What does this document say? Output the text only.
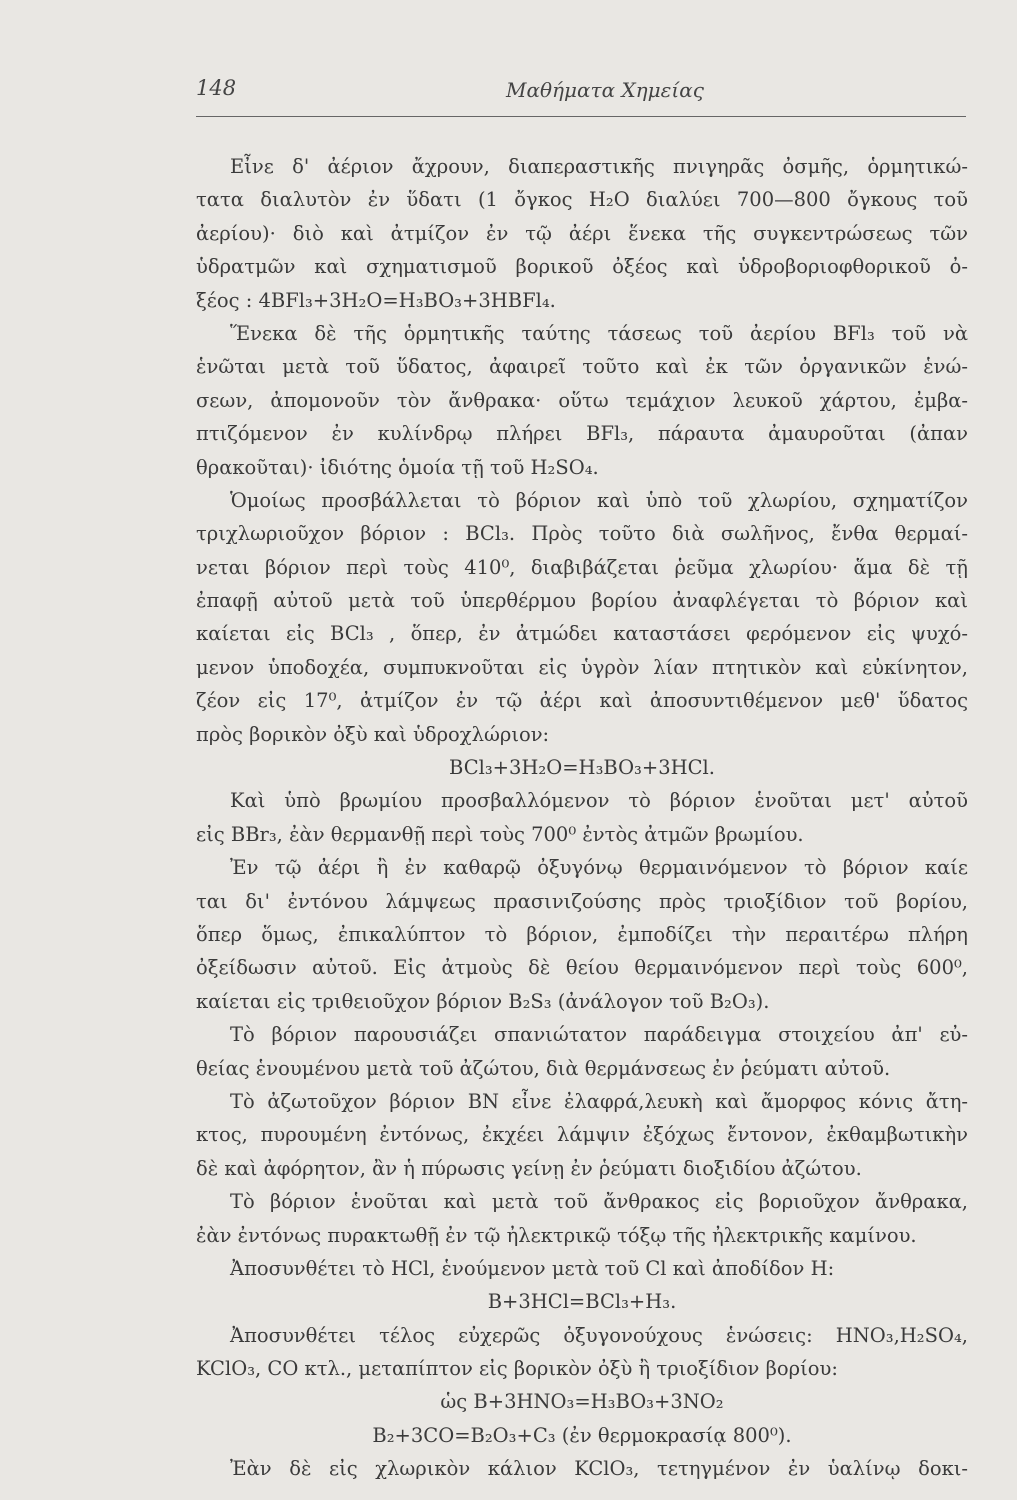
148	Μαθήματα Χημείας
Εἶνε δ' ἀέριον ἄχρουν, διαπεραστικῆς πνιγηρᾶς ὀσμῆς, ὁρμητικώ-
τατα διαλυτὸν ἐν ὕδατι (1 ὄγκος H₂O διαλύει 700—800 ὄγκους τοῦ
ἀερίου)· διὸ καὶ ἀτμίζον ἐν τῷ ἀέρι ἕνεκα τῆς συγκεντρώσεως τῶν
ὑδρατμῶν καὶ σχηματισμοῦ βορικοῦ ὀξέος καὶ ὑδροβοριοφθορικοῦ ὀ-
ξέος : 4BFl₃+3H₂O=H₃BO₃+3HBFl₄.
Ἕνεκα δὲ τῆς ὁρμητικῆς ταύτης τάσεως τοῦ ἀερίου BFl₃ τοῦ νὰ
ἑνῶται μετὰ τοῦ ὕδατος, ἀφαιρεῖ τοῦτο καὶ ἐκ τῶν ὀργανικῶν ἑνώ-
σεων, ἀπομονοῦν τὸν ἄνθρακα· οὕτω τεμάχιον λευκοῦ χάρτου, ἐμβα-
πτιζόμενον ἐν κυλίνδρῳ πλήρει BFl₃, πάραυτα ἀμαυροῦται (ἀπαν
θρακοῦται)· ἰδιότης ὁμοία τῇ τοῦ H₂SO₄.
Ὁμοίως προσβάλλεται τὸ βόριον καὶ ὑπὸ τοῦ χλωρίου, σχηματίζον
τριχλωριοῦχον βόριον : BCl₃. Πρὸς τοῦτο διὰ σωλῆνος, ἔνθα θερμαί-
νεται βόριον περὶ τοὺς 410⁰, διαβιβάζεται ῥεῦμα χλωρίου· ἅμα δὲ τῇ
ἐπαφῇ αὐτοῦ μετὰ τοῦ ὑπερθέρμου βορίου ἀναφλέγεται τὸ βόριον καὶ
καίεται εἰς BCl₃ , ὅπερ, ἐν ἀτμώδει καταστάσει φερόμενον εἰς ψυχό-
μενον ὑποδοχέα, συμπυκνοῦται εἰς ὑγρὸν λίαν πτητικὸν καὶ εὐκίνητον,
ζέον εἰς 17⁰, ἀτμίζον ἐν τῷ ἀέρι καὶ ἀποσυντιθέμενον μεθ' ὕδατος
πρὸς βορικὸν ὀξὺ καὶ ὑδροχλώριον:
BCl₃+3H₂O=H₃BO₃+3HCl.
Καὶ ὑπὸ βρωμίου προσβαλλόμενον τὸ βόριον ἑνοῦται μετ' αὐτοῦ
εἰς BBr₃, ἐὰν θερμανθῇ περὶ τοὺς 700⁰ ἐντὸς ἀτμῶν βρωμίου.
Ἐν τῷ ἀέρι ἢ ἐν καθαρῷ ὀξυγόνῳ θερμαινόμενον τὸ βόριον καίε
ται δι' ἐντόνου λάμψεως πρασινιζούσης πρὸς τριοξίδιον τοῦ βορίου,
ὅπερ ὅμως, ἐπικαλύπτον τὸ βόριον, ἐμποδίζει τὴν περαιτέρω πλήρη
ὀξείδωσιν αὐτοῦ. Εἰς ἀτμοὺς δὲ θείου θερμαινόμενον περὶ τοὺς 600⁰,
καίεται εἰς τριθειοῦχον βόριον B₂S₃ (ἀνάλογον τοῦ B₂O₃).
Τὸ βόριον παρουσιάζει σπανιώτατον παράδειγμα στοιχείου ἀπ' εὐ-
θείας ἑνουμένου μετὰ τοῦ ἀζώτου, διὰ θερμάνσεως ἐν ῥεύματι αὐτοῦ.
Τὸ ἀζωτοῦχον βόριον BN εἶνε ἐλαφρά,λευκὴ καὶ ἄμορφος κόνις ἄτη-
κτος, πυρουμένη ἐντόνως, ἐκχέει λάμψιν ἐξόχως ἔντονον, ἐκθαμβωτικὴν
δὲ καὶ ἀφόρητον, ἂν ἡ πύρωσις γείνῃ ἐν ῥεύματι διοξιδίου ἀζώτου.
Τὸ βόριον ἑνοῦται καὶ μετὰ τοῦ ἄνθρακος εἰς βοριοῦχον ἄνθρακα,
ἐὰν ἐντόνως πυρακτωθῇ ἐν τῷ ἠλεκτρικῷ τόξῳ τῆς ἠλεκτρικῆς καμίνου.
Ἀποσυνθέτει τὸ HCl, ἑνούμενον μετὰ τοῦ Cl καὶ ἀποδίδον H:
B+3HCl=BCl₃+H₃.
Ἀποσυνθέτει τέλος εὐχερῶς ὀξυγονούχους ἑνώσεις: HNO₃,H₂SO₄,
KClO₃, CO κτλ., μεταπίπτον εἰς βορικὸν ὀξὺ ἢ τριοξίδιον βορίου:
ὡς B+3HNO₃=H₃BO₃+3NO₂
B₂+3CO=B₂O₃+C₃ (ἐν θερμοκρασίᾳ 800⁰).
Ἐὰν δὲ εἰς χλωρικὸν κάλιον KClO₃, τετηγμένον ἐν ὑαλίνῳ δοκι-
